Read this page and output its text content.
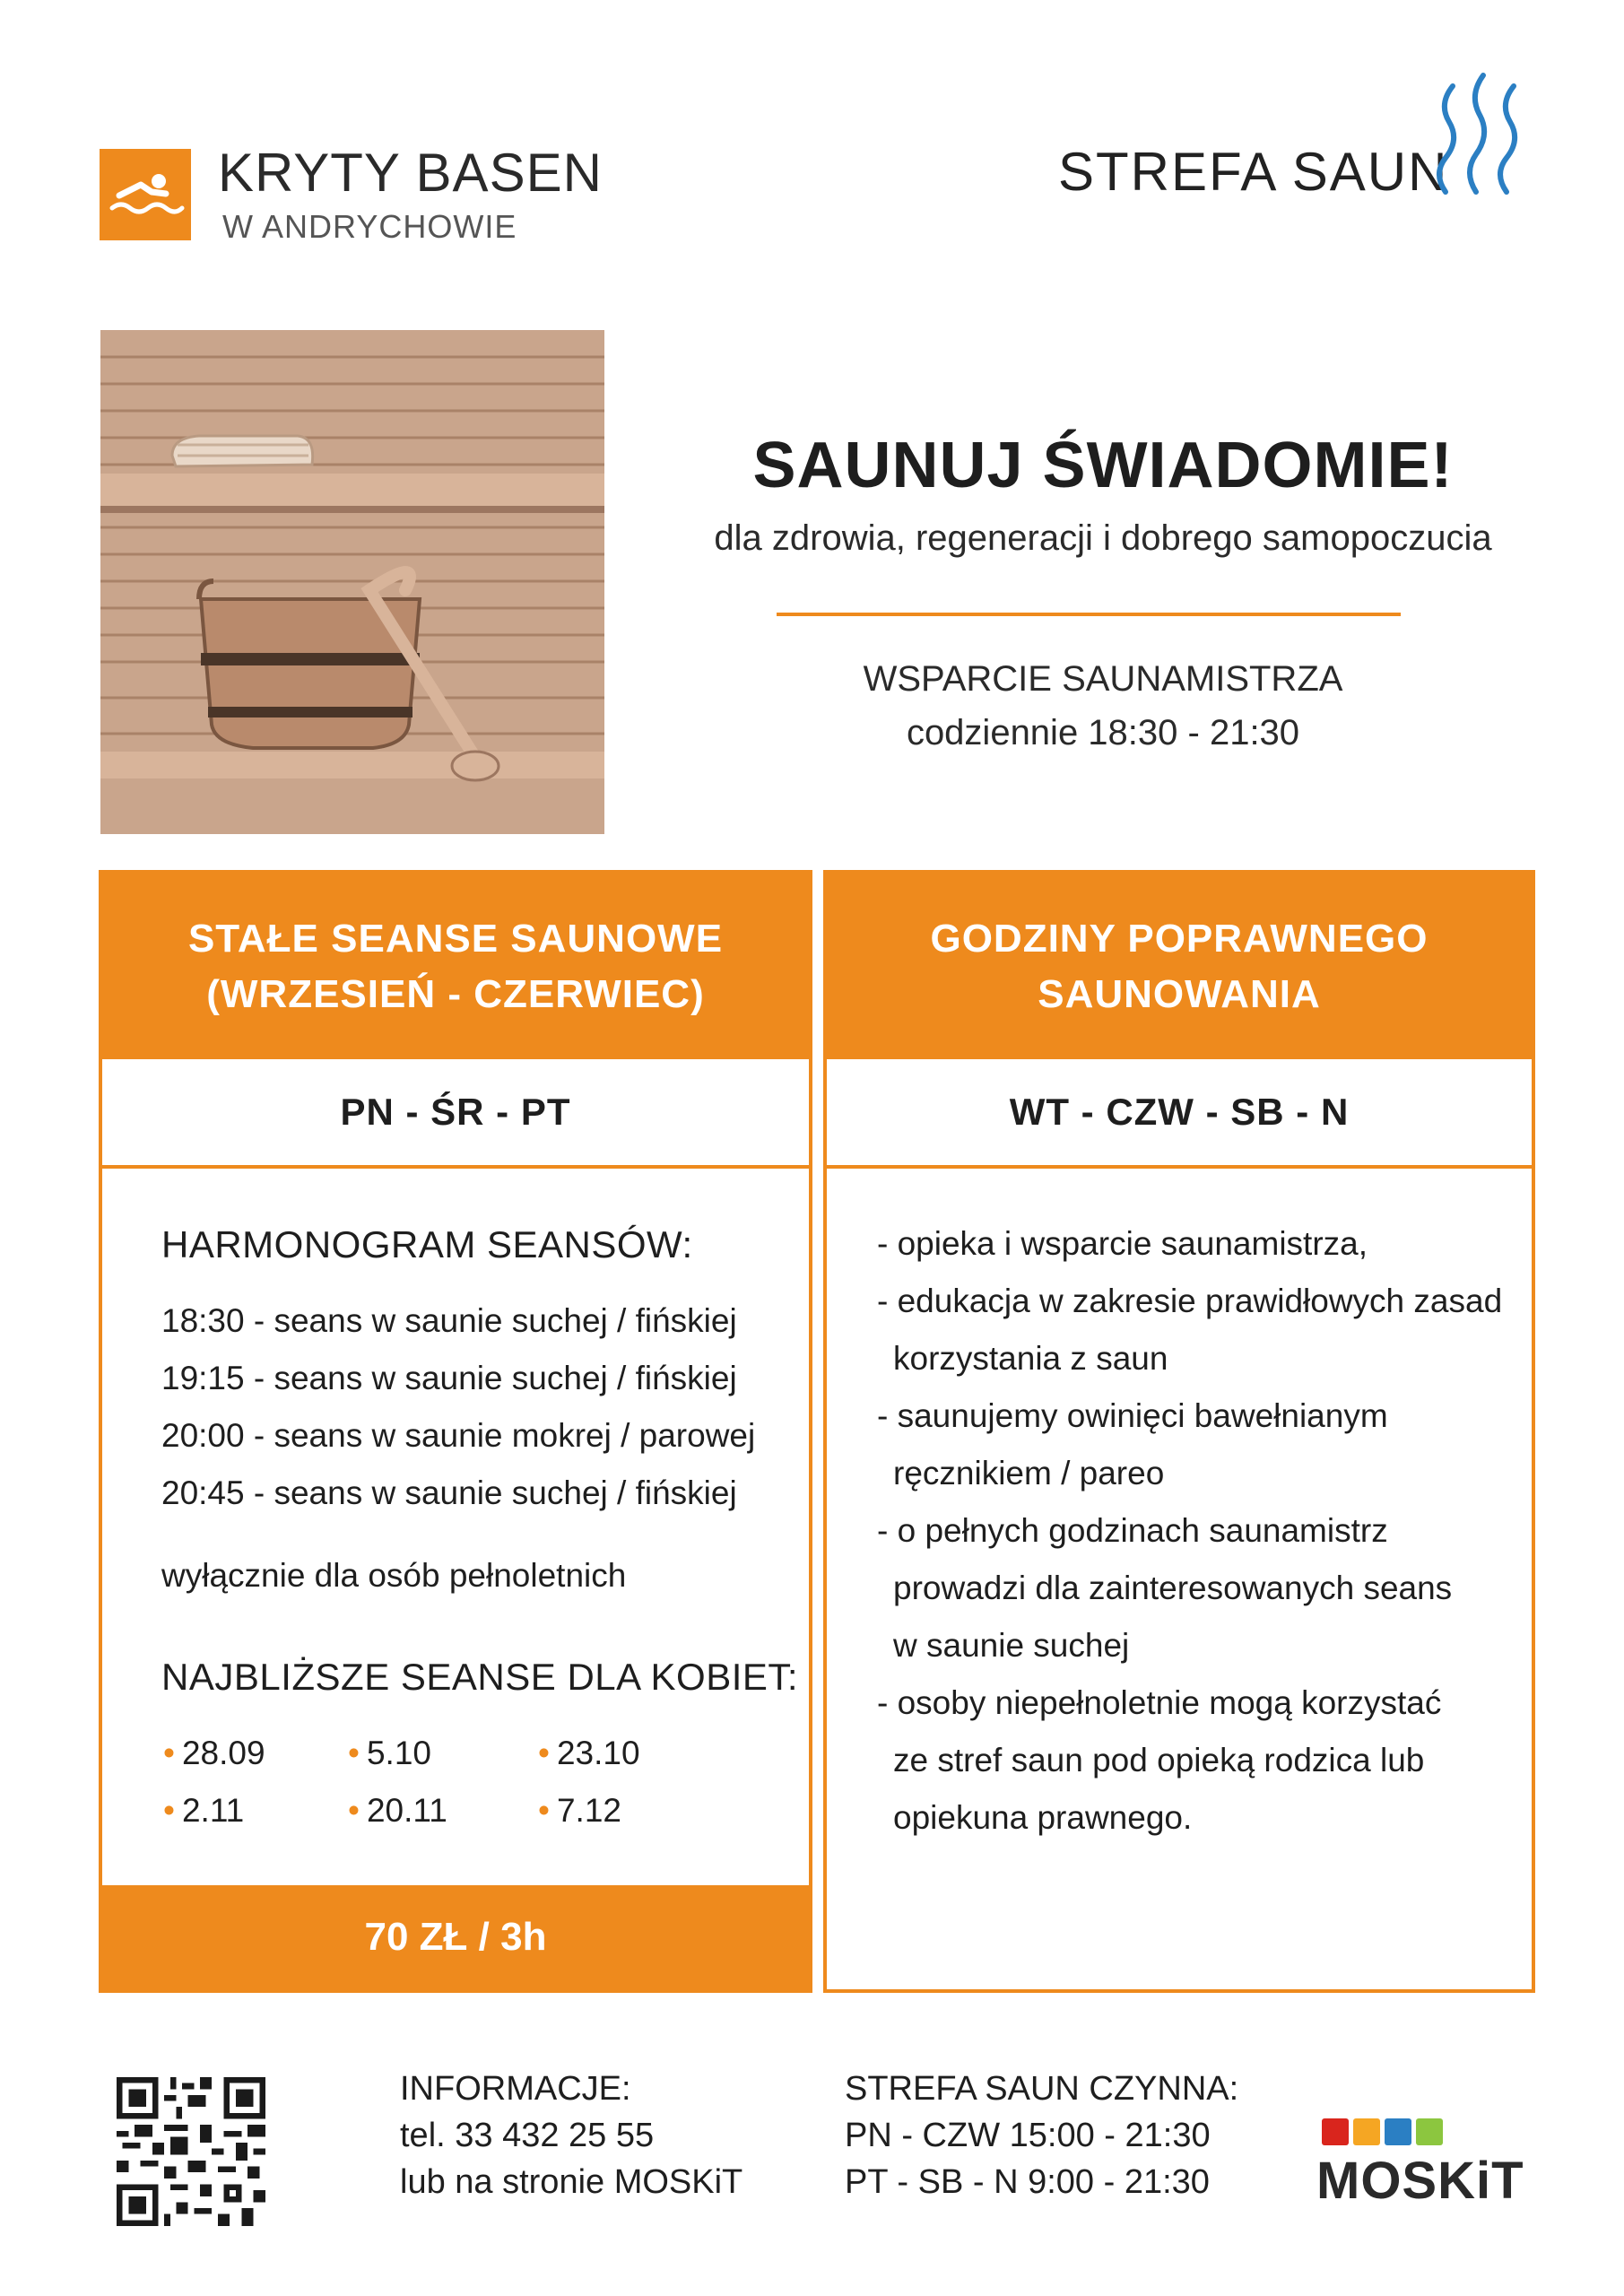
KRYTY BASEN
W ANDRYCHOWIE
STREFA SAUN
SAUNUJ ŚWIADOMIE!
dla zdrowia, regeneracji i dobrego samopoczucia
WSPARCIE SAUNAMISTRZA
codziennie 18:30 - 21:30
STAŁE SEANSE SAUNOWE
(WRZESIEŃ - CZERWIEC)
PN - ŚR - PT
HARMONOGRAM SEANSÓW:
18:30 - seans w saunie suchej / fińskiej
19:15 - seans w saunie suchej / fińskiej
20:00 - seans w saunie mokrej / parowej
20:45 - seans w saunie suchej / fińskiej
wyłącznie dla osób pełnoletnich
NAJBLIŻSZE SEANSE DLA KOBIET:
• 28.09 • 5.10	• 23.10
• 2.11	• 20.11	• 7.12
70 ZŁ / 3h
GODZINY POPRAWNEGO
SAUNOWANIA
WT - CZW - SB - N
- opieka i wsparcie saunamistrza,
- edukacja w zakresie prawidłowych zasad
korzystania z saun
- saunujemy owinięci bawełnianym
ręcznikiem / pareo
- o pełnych godzinach saunamistrz
prowadzi dla zainteresowanych seans
w saunie suchej
- osoby niepełnoletnie mogą korzystać
ze stref saun pod opieką rodzica lub
opiekuna prawnego.
INFORMACJE:
tel. 33 432 25 55
lub na stronie MOSKiT
STREFA SAUN CZYNNA:
PN - CZW 15:00 - 21:30
PT - SB - N 9:00 - 21:30 MOSKiT
